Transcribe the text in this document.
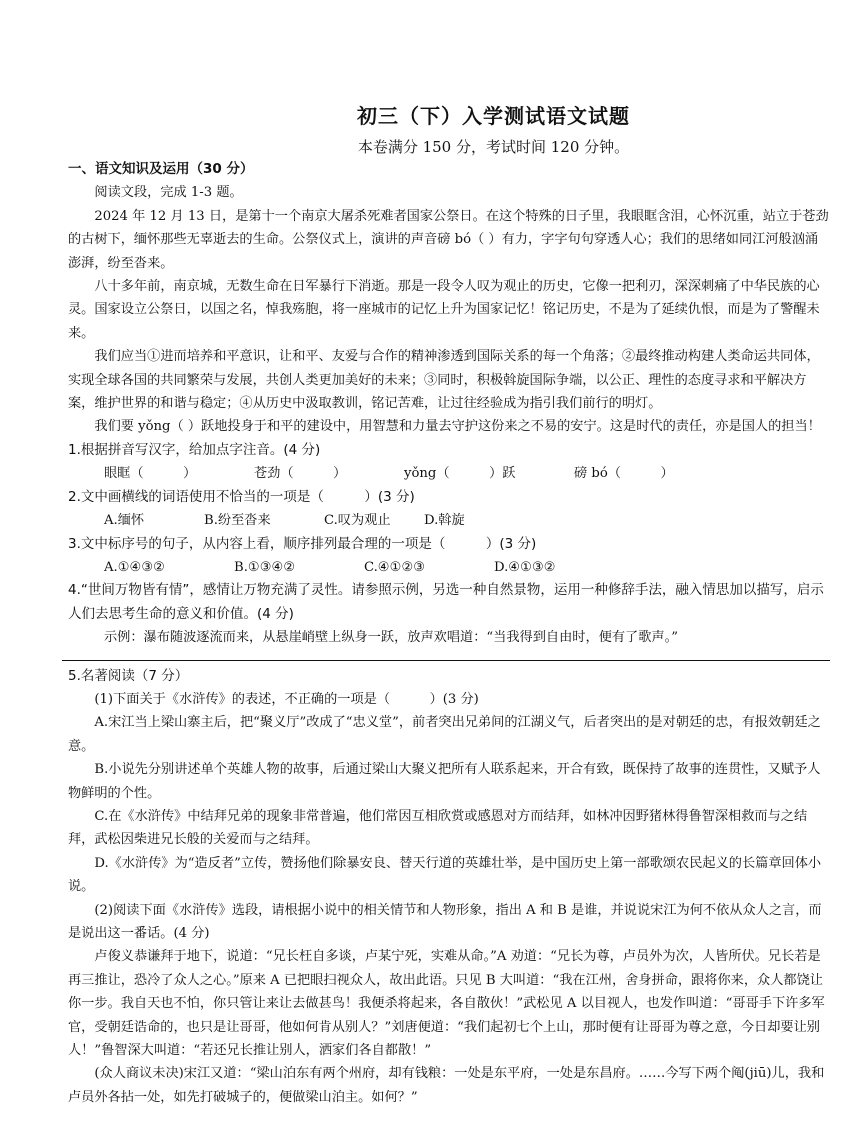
初三（下）入学测试语文试题
本卷满分 150 分，考试时间 120 分钟。

一、语文知识及运用（30 分）

阅读文段，完成 1-3 题。

2024 年 12 月 13 日，是第十一个南京大屠杀死难者国家公祭日。在这个特殊的日子里，我眼眶含泪，心怀沉重，站立于苍劲的古树下，缅怀那些无辜逝去的生命。公祭仪式上，演讲的声音磅 bó（ ）有力，字字句句穿透人心；我们的思绪如同江河般汹涌澎湃，纷至沓来。

八十多年前，南京城，无数生命在日军暴行下消逝。那是一段令人叹为观止的历史，它像一把利刃，深深刺痛了中华民族的心灵。国家设立公祭日，以国之名，悼我殇胞，将一座城市的记忆上升为国家记忆！铭记历史，不是为了延续仇恨，而是为了警醒未来。

我们应当①进而培养和平意识，让和平、友爱与合作的精神渗透到国际关系的每一个角落；②最终推动构建人类命运共同体，实现全球各国的共同繁荣与发展，共创人类更加美好的未来；③同时，积极斡旋国际争端，以公正、理性的态度寻求和平解决方案，维护世界的和谐与稳定；④从历史中汲取教训，铭记苦难，让过往经验成为指引我们前行的明灯。

我们要 yǒng（ ）跃地投身于和平的建设中，用智慧和力量去守护这份来之不易的安宁。这是时代的责任，亦是国人的担当！

1.根据拼音写汉字，给加点字注音。(4 分)

眼眶（　　　）	苍劲（　　　）	yǒng（　　　）跃	磅 bó（　　　）

2.文中画横线的词语使用不恰当的一项是（　　　）(3 分)

A.缅怀	B.纷至沓来	C.叹为观止	D.斡旋

3.文中标序号的句子，从内容上看，顺序排列最合理的一项是（　　　）(3 分)

A.①④③②	B.①③④②	C.④①②③	D.④①③②

4.“世间万物皆有情”，感情让万物充满了灵性。请参照示例，另选一种自然景物，运用一种修辞手法，融入情思加以描写，启示人们去思考生命的意义和价值。(4 分)

示例：瀑布随波逐流而来，从悬崖峭壁上纵身一跃，放声欢唱道：“当我得到自由时，便有了歌声。”

5.名著阅读（7 分）

(1)下面关于《水浒传》的表述，不正确的一项是（　　　）(3 分)

A.宋江当上梁山寨主后，把“聚义厅”改成了“忠义堂”，前者突出兄弟间的江湖义气，后者突出的是对朝廷的忠，有报效朝廷之意。

B.小说先分别讲述单个英雄人物的故事，后通过梁山大聚义把所有人联系起来，开合有致，既保持了故事的连贯性，又赋予人物鲜明的个性。

C.在《水浒传》中结拜兄弟的现象非常普遍，他们常因互相欣赏或感恩对方而结拜，如林冲因野猪林得鲁智深相救而与之结拜，武松因柴进兄长般的关爱而与之结拜。

D.《水浒传》为“造反者”立传，赞扬他们除暴安良、替天行道的英雄壮举，是中国历史上第一部歌颂农民起义的长篇章回体小说。

(2)阅读下面《水浒传》选段，请根据小说中的相关情节和人物形象，指出 A 和 B 是谁，并说说宋江为何不依从众人之言，而是说出这一番话。(4 分)

卢俊义恭谦拜于地下，说道：“兄长枉自多谈，卢某宁死，实难从命。”A 劝道：“兄长为尊，卢员外为次，人皆所伏。兄长若是再三推让，恐冷了众人之心。”原来 A 已把眼扫视众人，故出此语。只见 B 大叫道：“我在江州，舍身拼命，跟将你来，众人都饶让你一步。我自天也不怕，你只管让来让去做甚鸟！我便杀将起来，各自散伙！”武松见 A 以目视人，也发作叫道：“哥哥手下许多军官，受朝廷诰命的，也只是让哥哥，他如何肯从别人？”刘唐便道：“我们起初七个上山，那时便有让哥哥为尊之意，今日却要让别人！”鲁智深大叫道：“若还兄长推让别人，洒家们各自都散！”

(众人商议未决)宋江又道：“梁山泊东有两个州府，却有钱粮：一处是东平府，一处是东昌府。……今写下两个阄(jiū)儿，我和卢员外各拈一处，如先打破城子的，便做梁山泊主。如何？”
